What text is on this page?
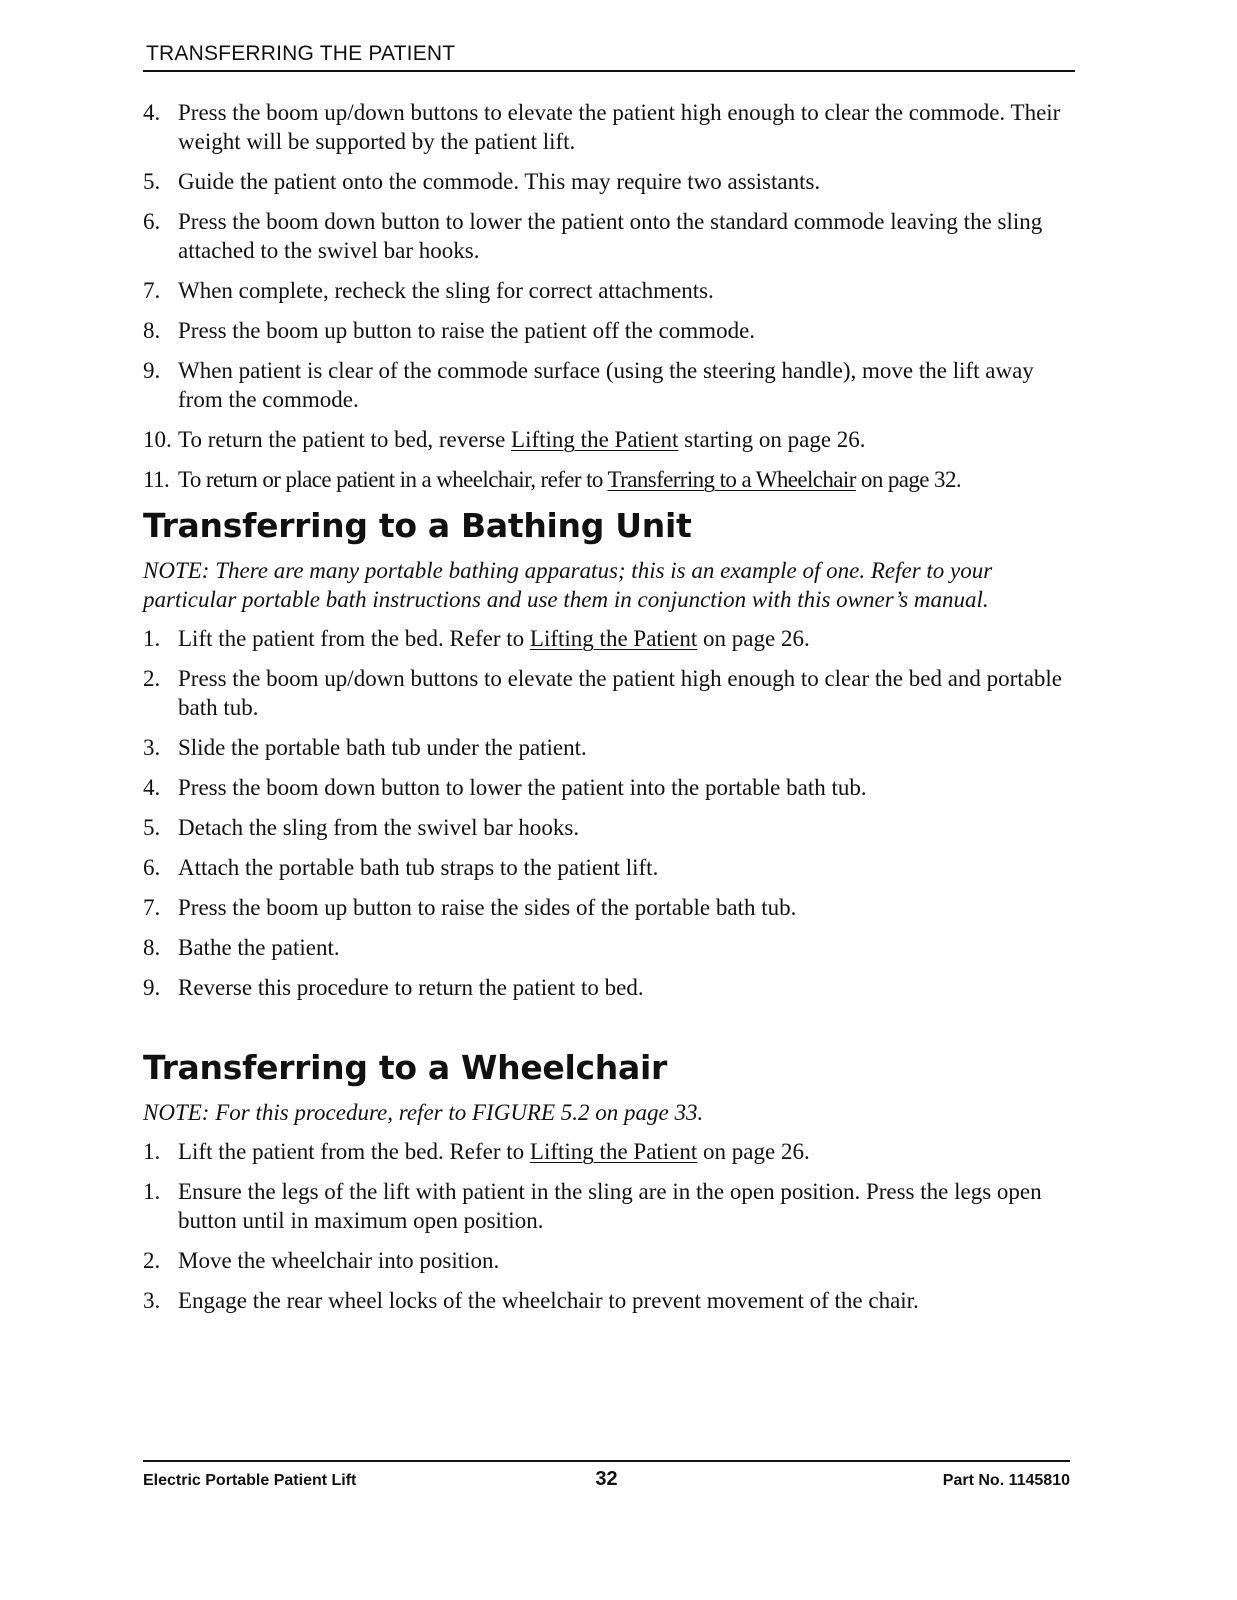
TRANSFERRING THE PATIENT
4. Press the boom up/down buttons to elevate the patient high enough to clear the commode. Their weight will be supported by the patient lift.
5. Guide the patient onto the commode. This may require two assistants.
6. Press the boom down button to lower the patient onto the standard commode leaving the sling attached to the swivel bar hooks.
7. When complete, recheck the sling for correct attachments.
8. Press the boom up button to raise the patient off the commode.
9. When patient is clear of the commode surface (using the steering handle), move the lift away from the commode.
10. To return the patient to bed, reverse Lifting the Patient starting on page 26.
11. To return or place patient in a wheelchair, refer to Transferring to a Wheelchair on page 32.
Transferring to a Bathing Unit

NOTE: There are many portable bathing apparatus; this is an example of one. Refer to your particular portable bath instructions and use them in conjunction with this owner’s manual.

1. Lift the patient from the bed. Refer to Lifting the Patient on page 26.
2. Press the boom up/down buttons to elevate the patient high enough to clear the bed and portable bath tub.
3. Slide the portable bath tub under the patient.
4. Press the boom down button to lower the patient into the portable bath tub.
5. Detach the sling from the swivel bar hooks.
6. Attach the portable bath tub straps to the patient lift.
7. Press the boom up button to raise the sides of the portable bath tub.
8. Bathe the patient.
9. Reverse this procedure to return the patient to bed.
Transferring to a Wheelchair

NOTE: For this procedure, refer to FIGURE 5.2 on page 33.

1. Lift the patient from the bed. Refer to Lifting the Patient on page 26.
1. Ensure the legs of the lift with patient in the sling are in the open position. Press the legs open button until in maximum open position.
2. Move the wheelchair into position.
3. Engage the rear wheel locks of the wheelchair to prevent movement of the chair.
Electric Portable Patient Lift	32	Part No. 1145810
